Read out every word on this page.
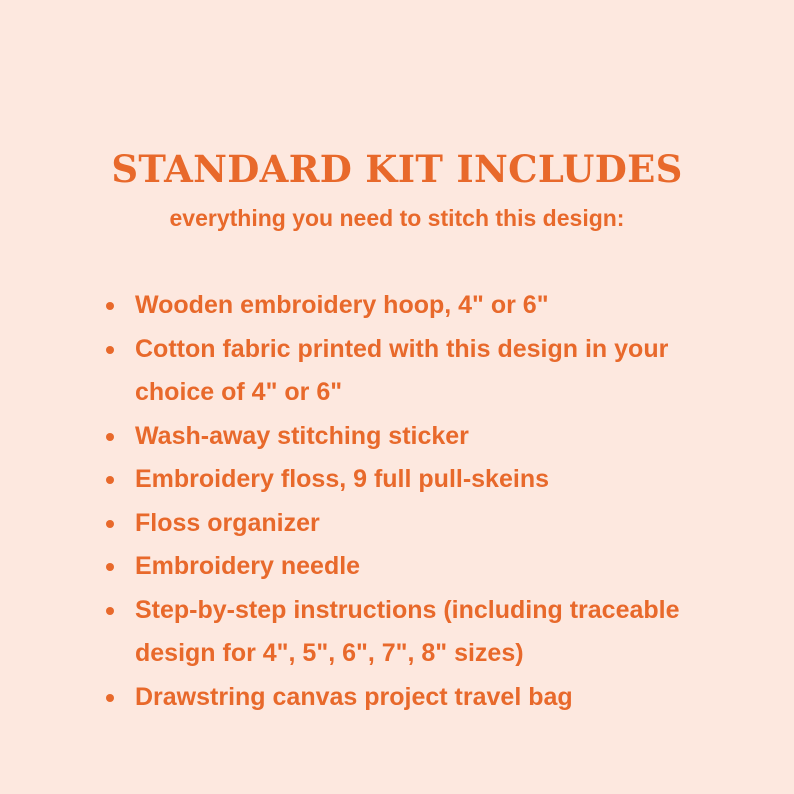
STANDARD KIT INCLUDES

everything you need to stitch this design:

Wooden embroidery hoop, 4" or 6"
Cotton fabric printed with this design in your choice of 4" or 6"
Wash-away stitching sticker
Embroidery floss, 9 full pull-skeins
Floss organizer
Embroidery needle
Step-by-step instructions (including traceable design for 4", 5", 6", 7", 8" sizes)
Drawstring canvas project travel bag
